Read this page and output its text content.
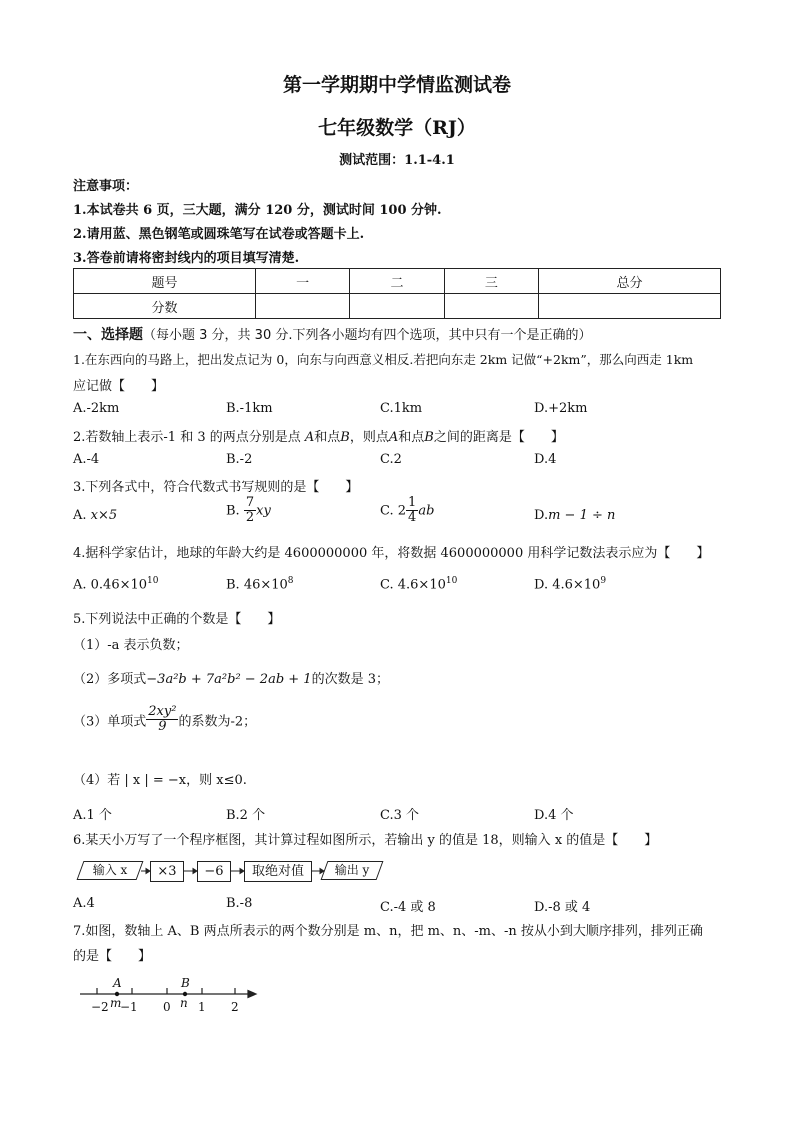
第一学期期中学情监测试卷
七年级数学（RJ）
测试范围：1.1-4.1
注意事项：
1.本试卷共 6 页，三大题，满分 120 分，测试时间 100 分钟.
2.请用蓝、黑色钢笔或圆珠笔写在试卷或答题卡上.
3.答卷前请将密封线内的项目填写清楚.
题号	一	二	三	总分
分数				
一、选择题（每小题 3 分，共 30 分.下列各小题均有四个选项，其中只有一个是正确的）
1.在东西向的马路上，把出发点记为 0，向东与向西意义相反.若把向东走 2km 记做“+2km”，那么向西走 1km
应记做【　　】
A.-2km	B.-1km	C.1km	D.+2km
2.若数轴上表示-1 和 3 的两点分别是点 A和点B，则点A和点B之间的距离是【　　】
A.-4	B.-2	C.2	D.4
3.下列各式中，符合代数式书写规则的是【　　】
A. x×5	B. $\frac{7}{2}$ xy	C. $2 \frac{1}{4}$ ab	D.m − 1 ÷ n
4.据科学家估计，地球的年龄大约是 4600000000 年，将数据 4600000000 用科学记数法表示应为【　　】
A. $0.46\times 10^{10}$	B. $46\times 10^8$	C. $4.6\times 10^{10}$	D. $4.6\times 10^9$
5.下列说法中正确的个数是【　　】
（1）-a 表示负数；
（2）多项式−3a²b + 7a²b² − 2ab + 1的次数是 3；
（3）单项式 $\frac{\text{2xy²}}{9}$ 的系数为-2；
（4）若 | x | = −x，则 x≤0.
A.1 个	B.2 个	C.3 个	D.4 个
6.某天小万写了一个程序框图，其计算过程如图所示，若输出 y 的值是 18，则输入 x 的值是【　　】
输入 x	×3	−6	取绝对值	输出 y
A.4	B.-8	C.-4 或 8	D.-8 或 4
7.如图，数轴上 A、B 两点所表示的两个数分别是 m、n，把 m、n、-m、-n 按从小到大顺序排列，排列正确
的是【　　】
−2 −1 0 1 2
A
m
B
n
